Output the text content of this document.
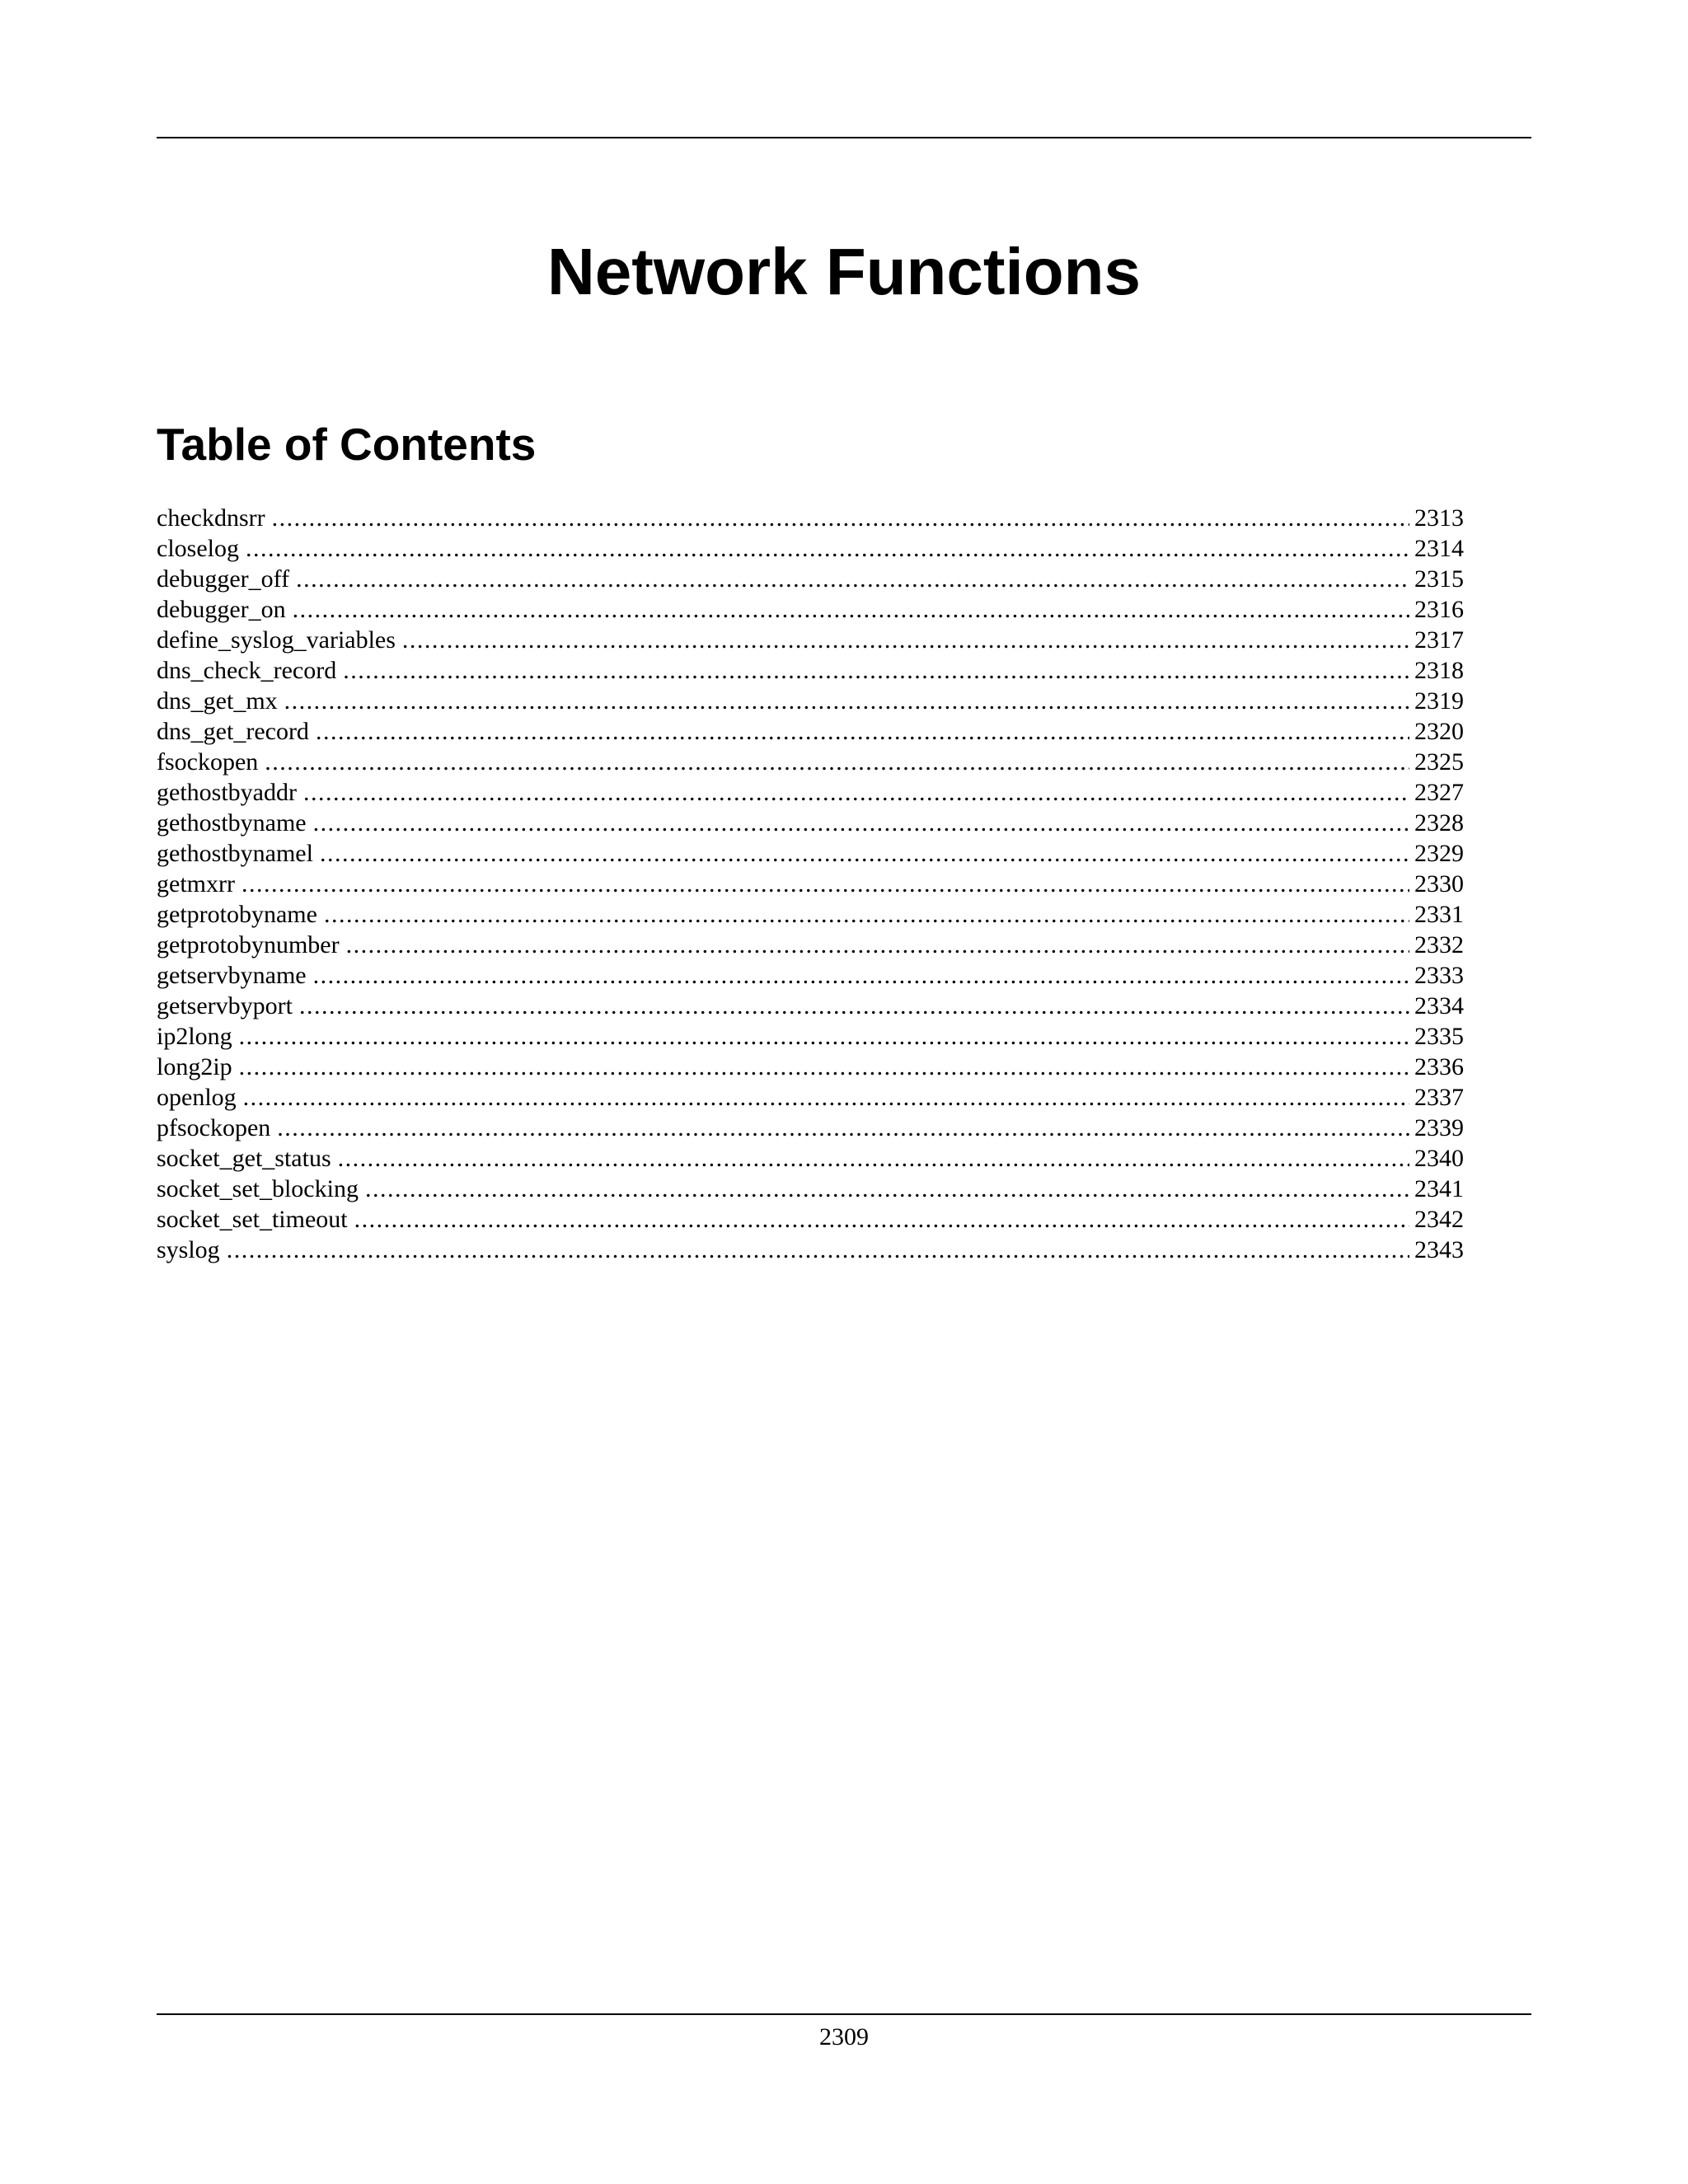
Network Functions
Table of Contents
checkdnsrr . . .	2313
closelog . . .	2314
debugger_off . . .	2315
debugger_on . . .	2316
define_syslog_variables . . .	2317
dns_check_record . . .	2318
dns_get_mx . . .	2319
dns_get_record . . .	2320
fsockopen . . .	2325
gethostbyaddr . . .	2327
gethostbyname . . .	2328
gethostbynamel . . .	2329
getmxrr . . .	2330
getprotobyname . . .	2331
getprotobynumber . . .	2332
getservbyname . . .	2333
getservbyport . . .	2334
ip2long . . .	2335
long2ip . . .	2336
openlog . . .	2337
pfsockopen . . .	2339
socket_get_status . . .	2340
socket_set_blocking . . .	2341
socket_set_timeout . . .	2342
syslog . . .	2343
2309
